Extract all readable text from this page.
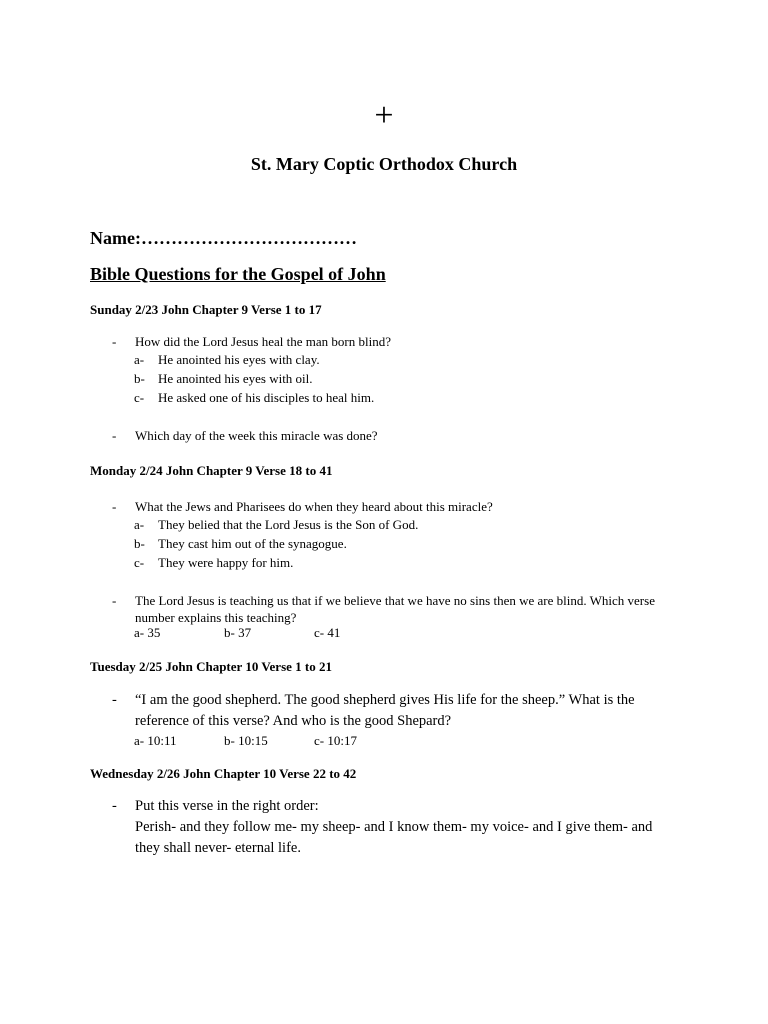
+
St. Mary Coptic Orthodox Church
Name:………………………………
Bible Questions for the Gospel of John
Sunday 2/23 John Chapter 9 Verse 1 to 17
- How did the Lord Jesus heal the man born blind?
a- He anointed his eyes with clay.
b- He anointed his eyes with oil.
c- He asked one of his disciples to heal him.
- Which day of the week this miracle was done?
Monday 2/24 John Chapter 9 Verse 18 to 41
- What the Jews and Pharisees do when they heard about this miracle?
a- They belied that the Lord Jesus is the Son of God.
b- They cast him out of the synagogue.
c- They were happy for him.
- The Lord Jesus is teaching us that if we believe that we have no sins then we are blind. Which verse number explains this teaching?
a- 35	b- 37	c- 41
Tuesday 2/25 John Chapter 10 Verse 1 to 21
- “I am the good shepherd. The good shepherd gives His life for the sheep.” What is the reference of this verse? And who is the good Shepard?
a- 10:11	b- 10:15	c- 10:17
Wednesday 2/26 John Chapter 10 Verse 22 to 42
- Put this verse in the right order:
Perish- and they follow me- my sheep- and I know them- my voice- and I give them- and they shall never- eternal life.
